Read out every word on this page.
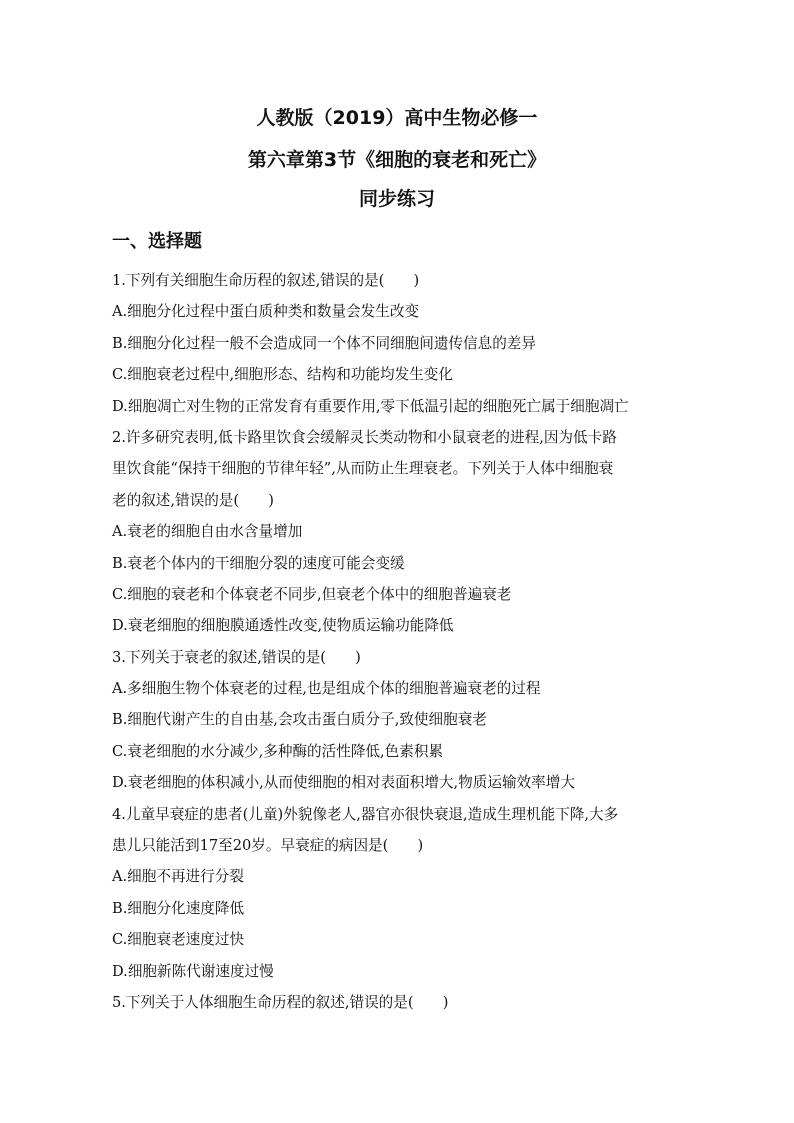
人教版（2019）高中生物必修一
第六章第3节《细胞的衰老和死亡》
同步练习
一、选择题
1.下列有关细胞生命历程的叙述,错误的是(　　)
A.细胞分化过程中蛋白质种类和数量会发生改变
B.细胞分化过程一般不会造成同一个体不同细胞间遗传信息的差异
C.细胞衰老过程中,细胞形态、结构和功能均发生变化
D.细胞凋亡对生物的正常发育有重要作用,零下低温引起的细胞死亡属于细胞凋亡
2.许多研究表明,低卡路里饮食会缓解灵长类动物和小鼠衰老的进程,因为低卡路
里饮食能“保持干细胞的节律年轻”,从而防止生理衰老。下列关于人体中细胞衰
老的叙述,错误的是(　　)
A.衰老的细胞自由水含量增加
B.衰老个体内的干细胞分裂的速度可能会变缓
C.细胞的衰老和个体衰老不同步,但衰老个体中的细胞普遍衰老
D.衰老细胞的细胞膜通透性改变,使物质运输功能降低
3.下列关于衰老的叙述,错误的是(　　)
A.多细胞生物个体衰老的过程,也是组成个体的细胞普遍衰老的过程
B.细胞代谢产生的自由基,会攻击蛋白质分子,致使细胞衰老
C.衰老细胞的水分减少,多种酶的活性降低,色素积累
D.衰老细胞的体积减小,从而使细胞的相对表面积增大,物质运输效率增大
4.儿童早衰症的患者(儿童)外貌像老人,器官亦很快衰退,造成生理机能下降,大多
患儿只能活到17至20岁。早衰症的病因是(　　)
A.细胞不再进行分裂
B.细胞分化速度降低
C.细胞衰老速度过快
D.细胞新陈代谢速度过慢
5.下列关于人体细胞生命历程的叙述,错误的是(　　)
